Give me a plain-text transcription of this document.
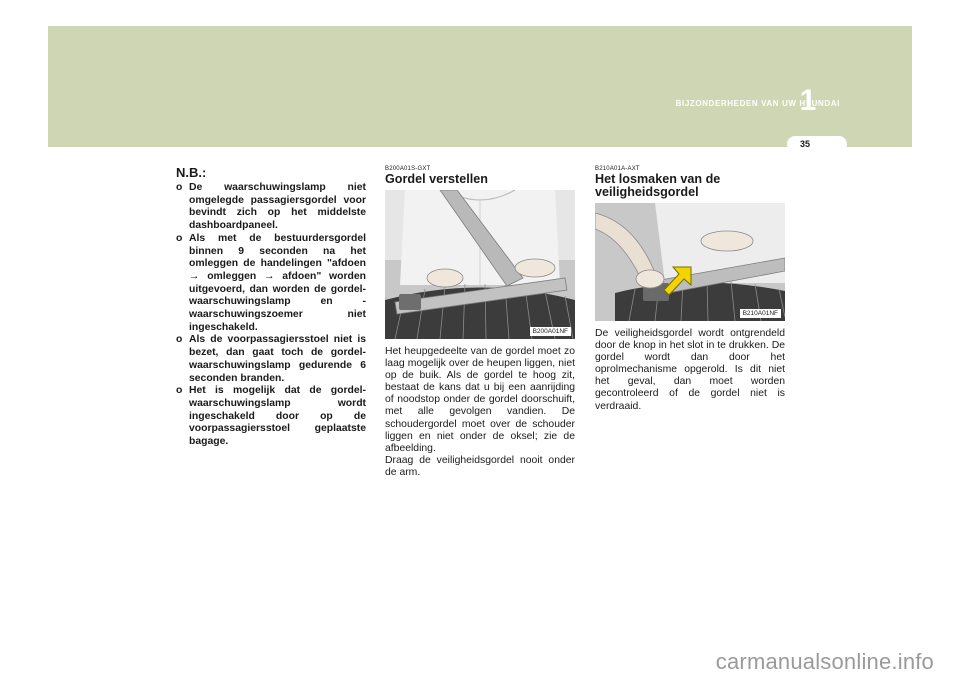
BIJZONDERHEDEN VAN UW HYUNDAI
1
35
N.B.:
o De waarschuwingslamp niet omgelegde passagiersgordel voor bevindt zich op het middelste dashboardpaneel.
o Als met de bestuurdersgordel binnen 9 seconden na het omleggen de handelingen "afdoen → omleggen → afdoen" worden uitgevoerd, dan worden de gordel-waarschuwingslamp en -waarschuwingszoemer niet ingeschakeld.
o Als de voorpassagiersstoel niet is bezet, dan gaat toch de gordel-waarschuwingslamp gedurende 6 seconden branden.
o Het is mogelijk dat de gordel-waarschuwingslamp wordt ingeschakeld door op de voorpassagiersstoel geplaatste bagage.
B200A01S-GXT
Gordel verstellen
B200A01NF
Het heupgedeelte van de gordel moet zo laag mogelijk over de heupen liggen, niet op de buik. Als de gordel te hoog zit, bestaat de kans dat u bij een aanrijding of noodstop onder de gordel doorschuift, met alle gevolgen vandien. De schoudergordel moet over de schouder liggen en niet onder de oksel; zie de afbeelding.
Draag de veiligheidsgordel nooit onder de arm.
B210A01A-AXT
Het losmaken van de veiligheidsgordel
B210A01NF
De veiligheidsgordel wordt ontgrendeld door de knop in het slot in te drukken. De gordel wordt dan door het oprolmechanisme opgerold. Is dit niet het geval, dan moet worden gecontroleerd of de gordel niet is verdraaid.
carmanualsonline.info
